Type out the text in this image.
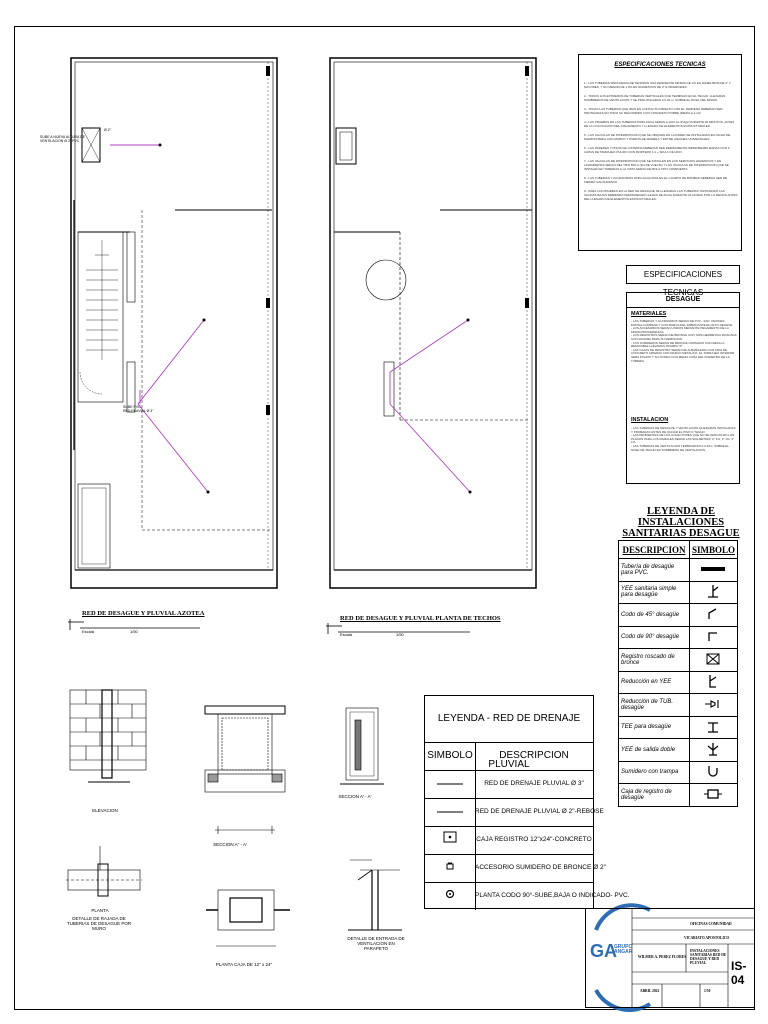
SUBE A NUEVA ALTURA DE
VENTILACION Ø 2" PVC
Ø 2"
SUBE PVC
RED PLUVIAL Ø 3"
ESPECIFICACIONES TECNICAS

1.- LAS TUBERIAS PARA DESAGÜE TENDRAN UNA PENDIENTE MINIMA DE 1% EN DIAMETROS DE 4" Y MAYORES, Y NO MENOR DE 1.5% EN DIAMETROS DE 3" E INFERIORES.

2.- TODOS LOS EXTREMOS DE TUBERIAS VERTICALES QUE TERMINAN EN EL TECHO, LLEVARAN SOMBREROS DE VENTILACION Y SE PROLONGARAN A 0.30 m. SOBRE EL NIVEL DEL MISMO.

3.- TODAS LAS TUBERIAS QUE IRAN EN CONTACTO DIRECTO CON EL TERRENO DEBERAN SER PROTEGIDAS EN TODO SU RECORRIDO CON CONCRETO POBRE (MEZCLA 1:12).

4.- LAS PRUEBAS EN LAS TUBERIAS PARA AGUA SERAN A 100 Lbs./Pulg2 DURANTE 30 MINUTOS, ANTES DE LA COLOCACION DEL AISLAMIENTO Y LLENADO DE ELEMENTOS ESTRUCTURALES.

5.- LAS VALVULAS DE INTERRUPCION QUE SE UBIQUEN EN LA PARED SE INSTALARAN EN NICHO DE MAMPOSTERIA CON MARCO Y PUERTA DE MADERA Y ENTRE UNIONES UNIVERSALES.

6.- LAS PAREDES Y PISOS DE CISTERNA DEBERAN SER DEBIDAMENTE IMPERMEABILIZADAS CON 2 CAPAS DE TARRAJEO PULIDO CON MORTERO 1:1 + SIKA 1 DILUIDO.

7.- LAS VALVULAS DE INTERRUPCION QUE SE INSTALEN EN LOS SERVICIOS HIGIENICOS Y EN LAVANDERIAS SERAN DEL TIPO BOLA (3/4 DE VUELTA) Y LAS VALVULAS DE INTERRUPCION QUE SE INSTALEN EN TUBERIAS A LA VISTA SERAN DE BOLA TIPO COMPUERTA.

8.- LAS TUBERIAS Y ACCESORIOS PARA AGUA FRIA EN EL CUARTO DE BOMBAS DEBERAN SER DE FIERRO GALVANIZADO.

9.- PARA LAS PRUEBAS EN LA RED DE DESAGÜE SE LLENARAN LAS TUBERIAS TAPONANDO LAS SALIDAS BAJAS DEBIENDO PERMANECER LLENAS DE AGUA DURANTE 24 HORAS POR LO MENOS ANTES DEL LLENADO DE ELEMENTOS ESTRUCTURALES.

ESPECIFICACIONES TECNICAS
DESAGÜE
MATERIALES
- LAS TUBERIAS Y ACCESORIOS SERAN DE PVC - SAP, UNIONES ESPIGA-CAMPANA Y CON MARCA DEL FABRICANTE EN ALTO RELIEVE.
- LOS ACCESORIOS SERAN UNIDOS MEDIANTE PEGAMENTO DE LA MISMA PROCEDENCIA.
- LOS REGISTROS SERAN DE BRONCE CON TAPA HERMETICA ROSCADA CON RANURA PARA SU REMOCION.
- LOS SUMIDEROS SERAN DE BRONCE CROMADO CON REJILLA REMOVIBLE LLEVARAN TRAMPA "P".
- LAS CAJAS DE REGISTRO SERAN DE ALBAÑILERIA CON TAPA DE CONCRETO ARMADO CON MARCO METALICO, EL TARRAJEO INTERIOR SERA PULIDO Y SU FONDO CON MEDIA CAÑA DEL DIAMETRO DE LA TUBERIA.
INSTALACION
- LAS TUBERIAS DE DESAGÜE Y VENTILACION QUEDARAN INSTALADAS Y PROBADAS ANTES DE VACIAR EL PISO O TECHO.
- LAS PENDIENTES DE LOS COLECTORES QUE NO SE INDICAN EN LOS PLANOS PARA LOS RAMALES SERAN LAS SIGUIENTES: 2" 1%, 3" 1%, 4" 1%.
- LAS TUBERIAS DE VENTILACION TERMINARAN A 0.30m. SOBRE EL NIVEL DE TECHO EN SOMBRERO DE VENTILACION.
LEYENDA DE INSTALACIONES SANITARIAS DESAGUE
DESCRIPCION	SIMBOLO
Tubería de desagüe para PVC.	
YEE sanitaria simple para desagüe	
Codo de 45° desagüe	
Codo de 90° desagüe	
Registro roscado de bronce	
Reducción en YEE	
Reducción de TUB. desagüe	
TEE para desagüe	
YEE de salida doble	
Sumidero con trampa	
Caja de registro de desagüe	
LEYENDA - RED DE DRENAJE PLUVIAL
SIMBOLO	DESCRIPCION
RED DE DRENAJE PLUVIAL Ø 3"
RED DE DRENAJE PLUVIAL Ø 2"-REBOSE
CAJA REGISTRO 12"x24"-CONCRETO
ACCESORIO SUMIDERO DE BRONCE Ø 2"
PLANTA CODO 90°-SUBE,BAJA O INDICADO- PVC.
RED DE DESAGUE Y PLUVIAL AZOTEA
Escala	1/50
RED DE DESAGUE Y PLUVIAL PLANTA DE TECHOS
Escala	1/50
ELEVACION
SECCION A'' - A'
SECCION A' - A'
PLANTA
DETALLE DE RAJADA DE TUBERIAS DE DESAGUE POR MURO
PLANTA CAJA DE 12" x 24"
DETALLE DE ENTRADA DE VENTILACION EN PARAPETO	GA
GRUPO ANGAR
OFICINAS COMUNIDAD
VICARIATO APOSTOLICO
WILMER A. PEREZ FLORES
INSTALACIONES SANITARIAS RED DE DESAGUE Y RED PLUVIAL
ABRIL 2022	1/50
IS-04
